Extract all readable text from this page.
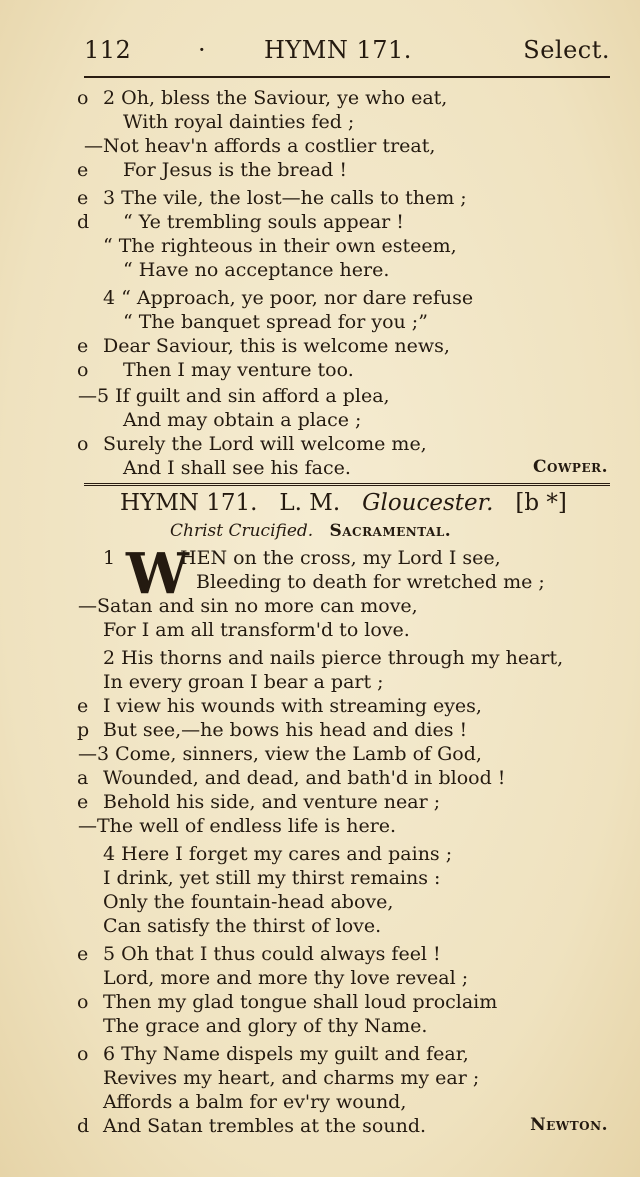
112	· HYMN 171.	Select.
o 2 Oh, bless the Saviour, ye who eat,
With royal dainties fed ;
—Not heav'n affords a costlier treat,
e	For Jesus is the bread !
e 3 The vile, the lost—he calls to them ;
d	“ Ye trembling souls appear !
“ The righteous in their own esteem,
“ Have no acceptance here.
4 “ Approach, ye poor, nor dare refuse
“ The banquet spread for you ;”
e Dear Saviour, this is welcome news,
o	Then I may venture too.
—5 If guilt and sin afford a plea,
And may obtain a place ;
o Surely the Lord will welcome me,
And I shall see his face.	Cowper.
HYMN 171. L. M. Gloucester. [b *]
Christ Crucified. Sacramental.
1 W
HEN on the cross, my Lord I see,
Bleeding to death for wretched me ;
—Satan and sin no more can move,
For I am all transform'd to love.
2 His thorns and nails pierce through my heart,
In every groan I bear a part ;
e I view his wounds with streaming eyes,
p But see,—he bows his head and dies !
—3 Come, sinners, view the Lamb of God,
a Wounded, and dead, and bath'd in blood !
e Behold his side, and venture near ;
—The well of endless life is here.
4 Here I forget my cares and pains ;
I drink, yet still my thirst remains :
Only the fountain-head above,
Can satisfy the thirst of love.
e 5 Oh that I thus could always feel !
Lord, more and more thy love reveal ;
o Then my glad tongue shall loud proclaim
The grace and glory of thy Name.
o 6 Thy Name dispels my guilt and fear,
Revives my heart, and charms my ear ;
Affords a balm for ev'ry wound,
d And Satan trembles at the sound.	Newton.
